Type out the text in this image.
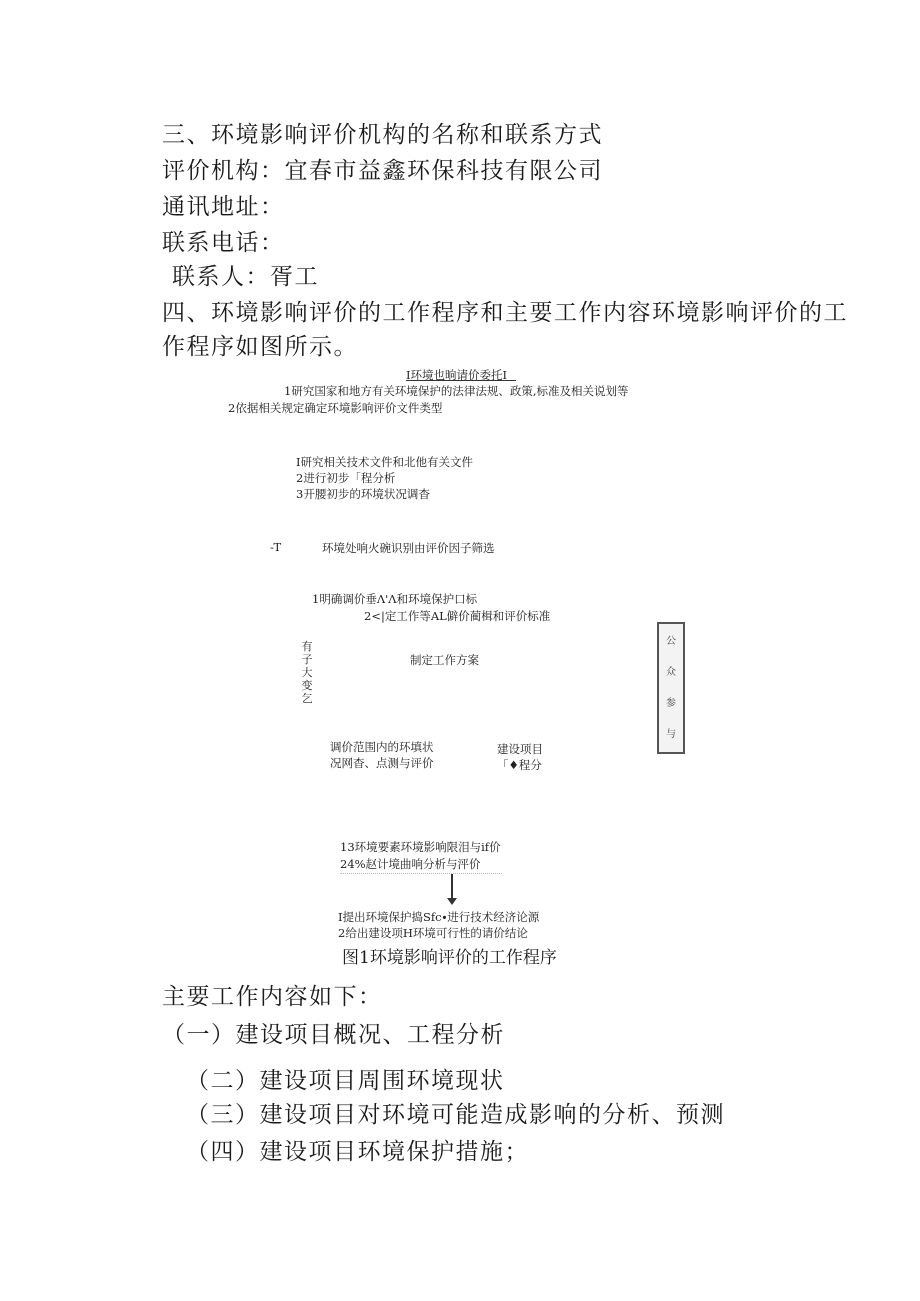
三、环境影响评价机构的名称和联系方式
评价机构：宜春市益鑫环保科技有限公司
通讯地址：
联系电话：
联系人：胥工
四、环境影响评价的工作程序和主要工作内容环境影响评价的工
作程序如图所示。
I环境也晌请价委托I
1研究国家和地方有关环境保护的法律法规、政策,标准及相关说划等
2依据相关规定确定环境影响评价文件类型
I研究相关技术文件和北他有关文件
2进行初步「程分析
3开腰初步的环境状况调杳
-T	环境处响火碗识别由评价因子筛选
1明确调价垂Λ'Λ和环境保护口标
2<|定工作等AL僻价蔺楫和评价标准
有
子
大
变
乞
制定工作方案
公
众
参
与
调价范围内的环填状
况网杳、点测与评价
建设项目
「♦程分
13环境要素环境影响限泪与if价
24%赵计境曲响分析与泙价
I提出环境保护捣Sfc∙进行技术经济论源
2给出建设项H环境可行性的请价结论
图1环境影响评价的工作程序
主要工作内容如下：
（一）建设项目概况、工程分析
（二）建设项目周围环境现状
（三）建设项目对环境可能造成影响的分析、预测
（四）建设项目环境保护措施；
